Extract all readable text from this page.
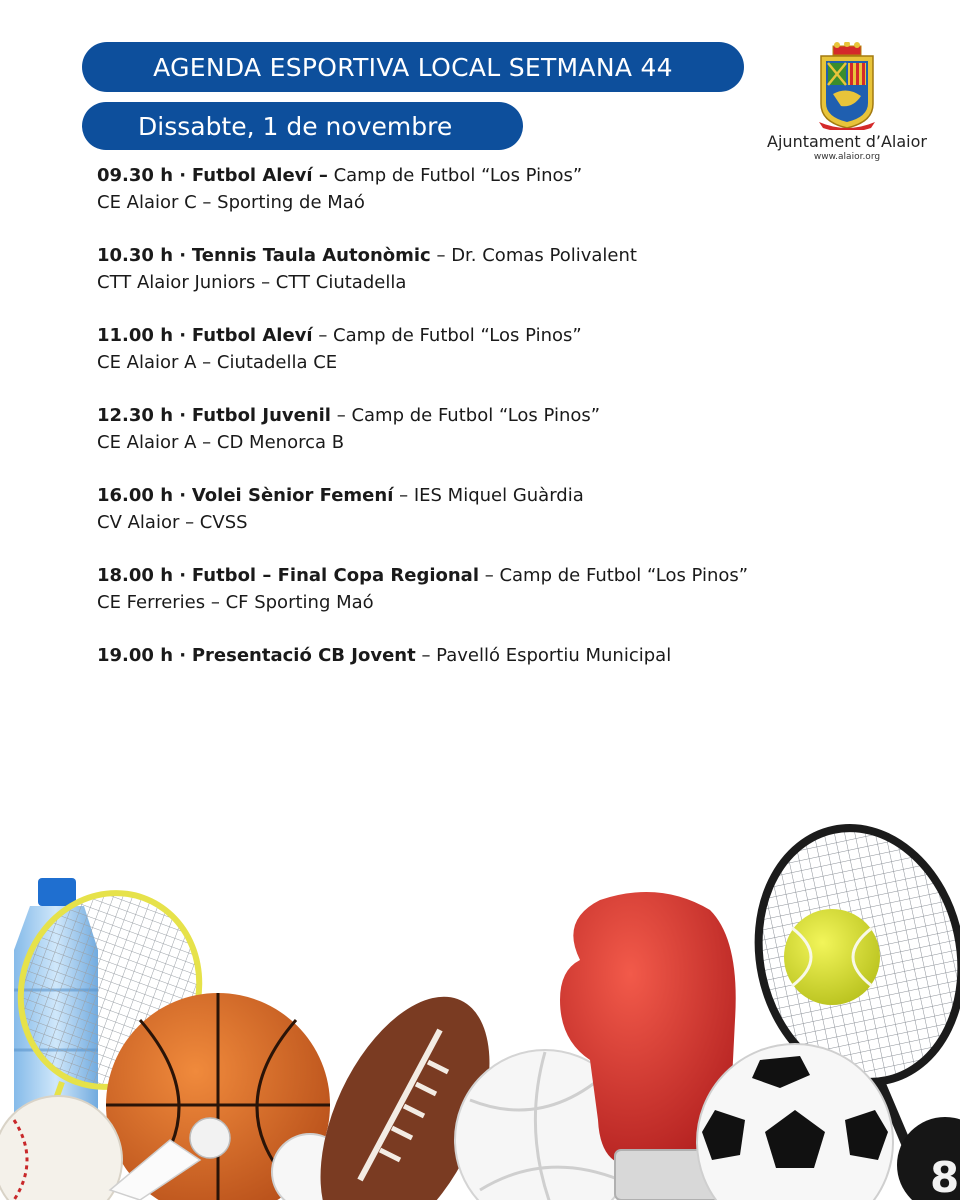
AGENDA ESPORTIVA LOCAL SETMANA 44
Dissabte, 1 de novembre
Ajuntament d’Alaior
www.alaior.org
09.30 h · Futbol Aleví – Camp de Futbol “Los Pinos”
CE Alaior C – Sporting de Maó
10.30 h · Tennis Taula Autonòmic – Dr. Comas Polivalent
CTT Alaior Juniors – CTT Ciutadella
11.00 h · Futbol Aleví – Camp de Futbol “Los Pinos”
CE Alaior A – Ciutadella CE
12.30 h · Futbol Juvenil – Camp de Futbol “Los Pinos”
CE Alaior A – CD Menorca B
16.00 h · Volei Sènior Femení – IES Miquel Guàrdia
CV Alaior – CVSS
18.00 h · Futbol – Final Copa Regional – Camp de Futbol “Los Pinos”
CE Ferreries – CF Sporting Maó
19.00 h · Presentació CB Jovent – Pavelló Esportiu Municipal
8
